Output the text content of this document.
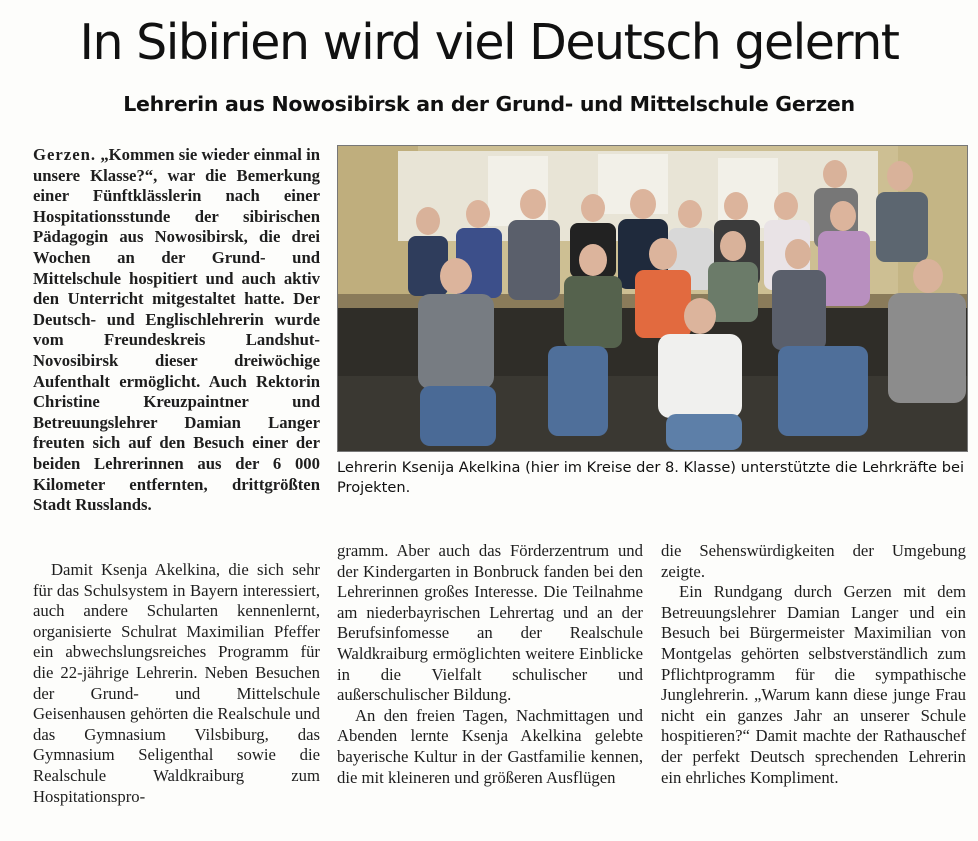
In Sibirien wird viel Deutsch gelernt
Lehrerin aus Nowosibirsk an der Grund- und Mittelschule Gerzen

Gerzen. „Kommen sie wieder einmal in unsere Klasse?“, war die Bemerkung einer Fünftklässlerin nach einer Hospitationsstunde der sibirischen Pädagogin aus Nowosibirsk, die drei Wochen an der Grund- und Mittelschule hospitiert und auch aktiv den Unterricht mitgestaltet hatte. Der Deutsch- und Englischlehrerin wurde vom Freundeskreis Landshut-Novosibirsk dieser dreiwöchige Aufenthalt ermöglicht. Auch Rektorin Christine Kreuzpaintner und Betreuungslehrer Damian Langer freuten sich auf den Besuch einer der beiden Lehrerinnen aus der 6 000 Kilometer entfernten, drittgrößten Stadt Russlands.

Damit Ksenja Akelkina, die sich sehr für das Schulsystem in Bayern interessiert, auch andere Schularten kennenlernt, organisierte Schulrat Maximilian Pfeffer ein abwechslungsreiches Programm für die 22-jährige Lehrerin. Neben Besuchen der Grund- und Mittelschule Geisenhausen gehörten die Realschule und das Gymnasium Vilsbiburg, das Gymnasium Seligenthal sowie die Realschule Waldkraiburg zum Hospitationspro-

gramm. Aber auch das Förderzentrum und der Kindergarten in Bonbruck fanden bei den Lehrerinnen großes Interesse. Die Teilnahme am niederbayrischen Lehrertag und an der Berufsinfomesse an der Realschule Waldkraiburg ermöglichten weitere Einblicke in die Vielfalt schulischer und außerschulischer Bildung.

An den freien Tagen, Nachmittagen und Abenden lernte Ksenja Akelkina gelebte bayerische Kultur in der Gastfamilie kennen, die mit kleineren und größeren Ausflügen

die Sehenswürdigkeiten der Umgebung zeigte.

Ein Rundgang durch Gerzen mit dem Betreuungslehrer Damian Langer und ein Besuch bei Bürgermeister Maximilian von Montgelas gehörten selbstverständlich zum Pflichtprogramm für die sympathische Junglehrerin. „Warum kann diese junge Frau nicht ein ganzes Jahr an unserer Schule hospitieren?“ Damit machte der Rathauschef der perfekt Deutsch sprechenden Lehrerin ein ehrliches Kompliment.

Lehrerin Ksenija Akelkina (hier im Kreise der 8. Klasse) unterstützte die Lehrkräfte bei Projekten.
